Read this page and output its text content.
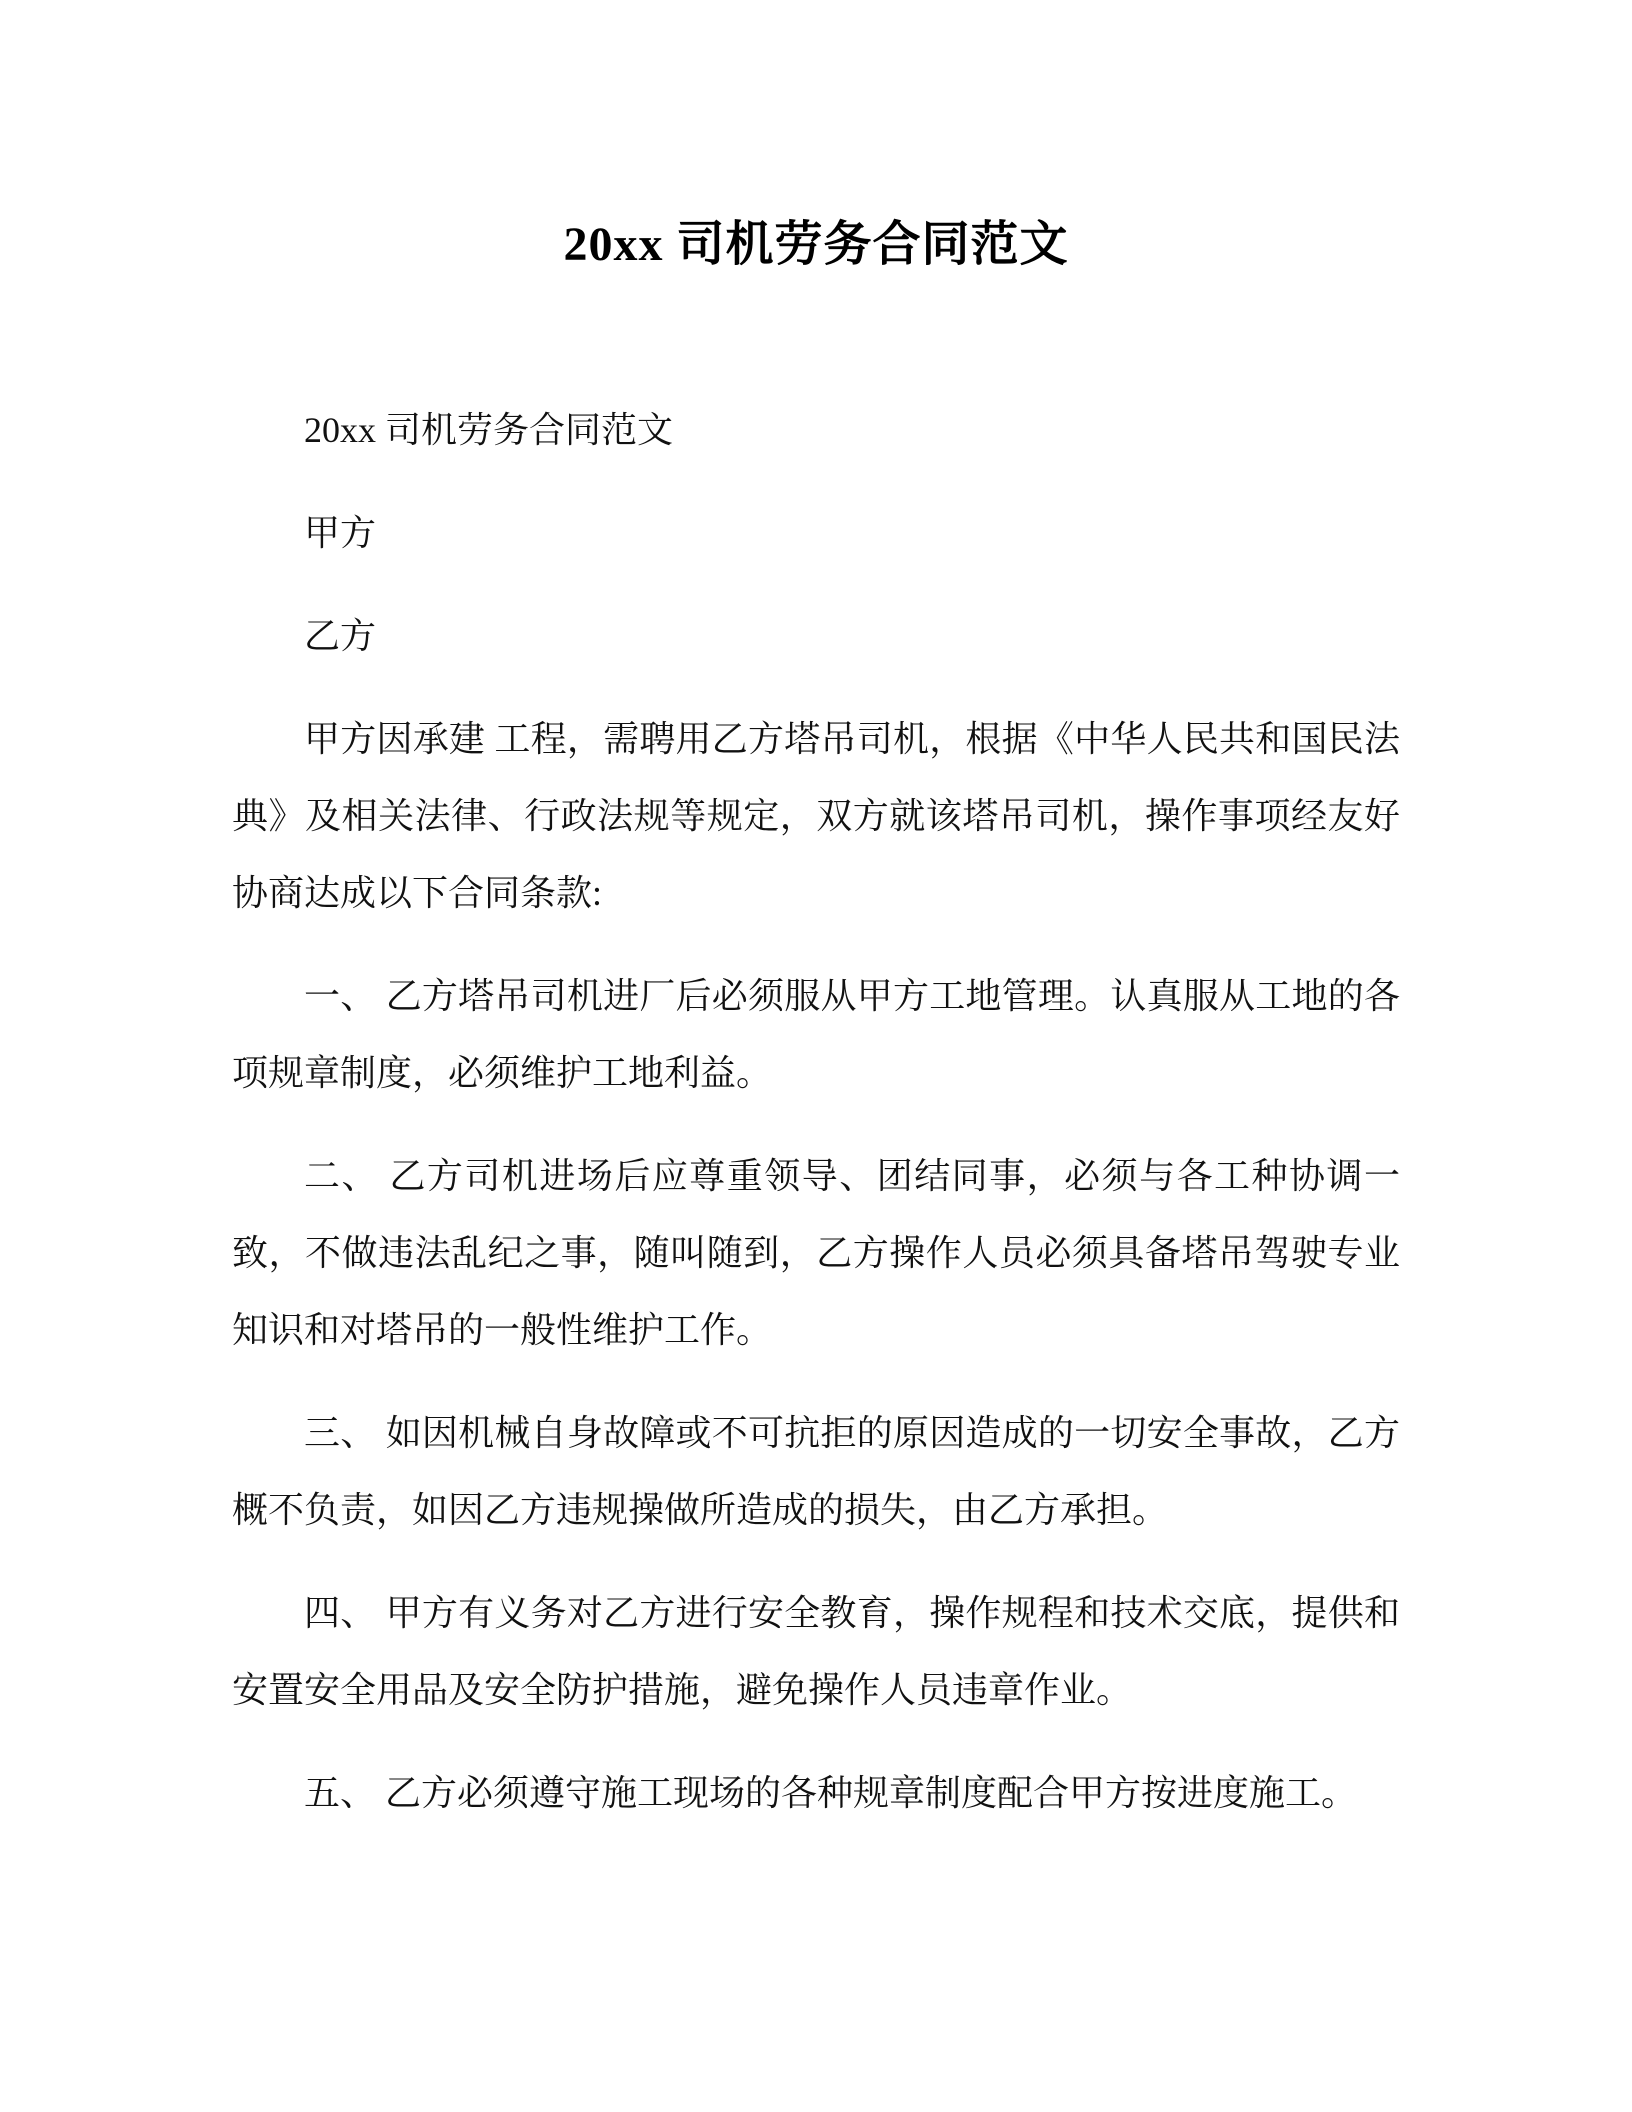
20xx 司机劳务合同范文

20xx 司机劳务合同范文

甲方

乙方

甲方因承建 工程，需聘用乙方塔吊司机，根据《中华人民共和国民法典》及相关法律、行政法规等规定，双方就该塔吊司机，操作事项经友好协商达成以下合同条款:

一、 乙方塔吊司机进厂后必须服从甲方工地管理。认真服从工地的各项规章制度，必须维护工地利益。

二、 乙方司机进场后应尊重领导、团结同事，必须与各工种协调一致，不做违法乱纪之事，随叫随到，乙方操作人员必须具备塔吊驾驶专业知识和对塔吊的一般性维护工作。

三、 如因机械自身故障或不可抗拒的原因造成的一切安全事故，乙方概不负责，如因乙方违规操做所造成的损失，由乙方承担。

四、 甲方有义务对乙方进行安全教育，操作规程和技术交底，提供和安置安全用品及安全防护措施，避免操作人员违章作业。

五、 乙方必须遵守施工现场的各种规章制度配合甲方按进度施工。
